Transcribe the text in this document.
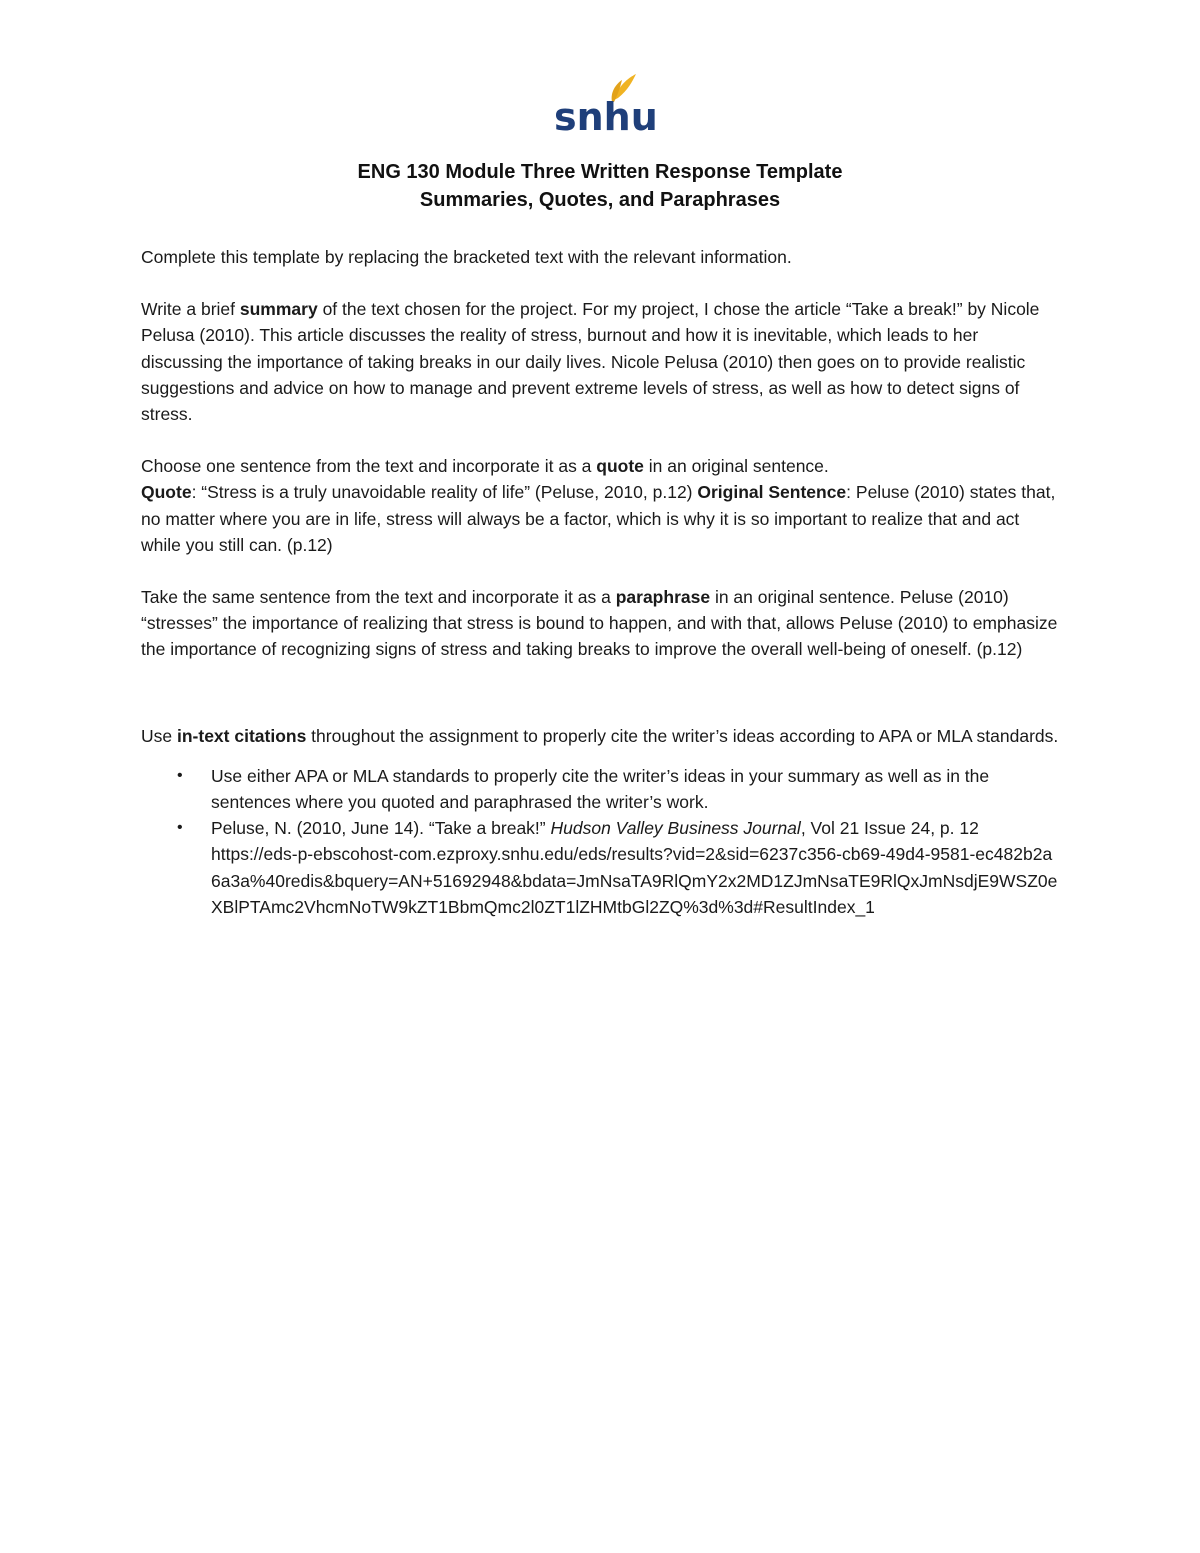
snhu
ENG 130 Module Three Written Response Template
Summaries, Quotes, and Paraphrases

Complete this template by replacing the bracketed text with the relevant information.

Write a brief summary of the text chosen for the project. For my project, I chose the article “Take a break!” by Nicole Pelusa (2010). This article discusses the reality of stress, burnout and how it is inevitable, which leads to her discussing the importance of taking breaks in our daily lives. Nicole Pelusa (2010) then goes on to provide realistic suggestions and advice on how to manage and prevent extreme levels of stress, as well as how to detect signs of stress.

Choose one sentence from the text and incorporate it as a quote in an original sentence.

Quote: “Stress is a truly unavoidable reality of life” (Peluse, 2010, p.12) Original Sentence: Peluse (2010) states that, no matter where you are in life, stress will always be a factor, which is why it is so important to realize that and act while you still can. (p.12)

Take the same sentence from the text and incorporate it as a paraphrase in an original sentence. Peluse (2010) “stresses” the importance of realizing that stress is bound to happen, and with that, allows Peluse (2010) to emphasize the importance of recognizing signs of stress and taking breaks to improve the overall well-being of oneself. (p.12)

Use in-text citations throughout the assignment to properly cite the writer’s ideas according to APA or MLA standards.

• Use either APA or MLA standards to properly cite the writer’s ideas in your summary as well as in the sentences where you quoted and paraphrased the writer’s work.
• Peluse, N. (2010, June 14). “Take a break!” Hudson Valley Business Journal, Vol 21 Issue 24, p. 12
https://eds-p-ebscohost-com.ezproxy.snhu.edu/eds/results?vid=2&sid=6237c356-cb69-49d4-9581-ec482b2a6a3a%40redis&bquery=AN+51692948&bdata=JmNsaTA9RlQmY2x2MD1ZJmNsaTE9RlQxJmNsdjE9WSZ0eXBlPTAmc2VhcmNoTW9kZT1BbmQmc2l0ZT1lZHMtbGl2ZQ%3d%3d#ResultIndex_1
